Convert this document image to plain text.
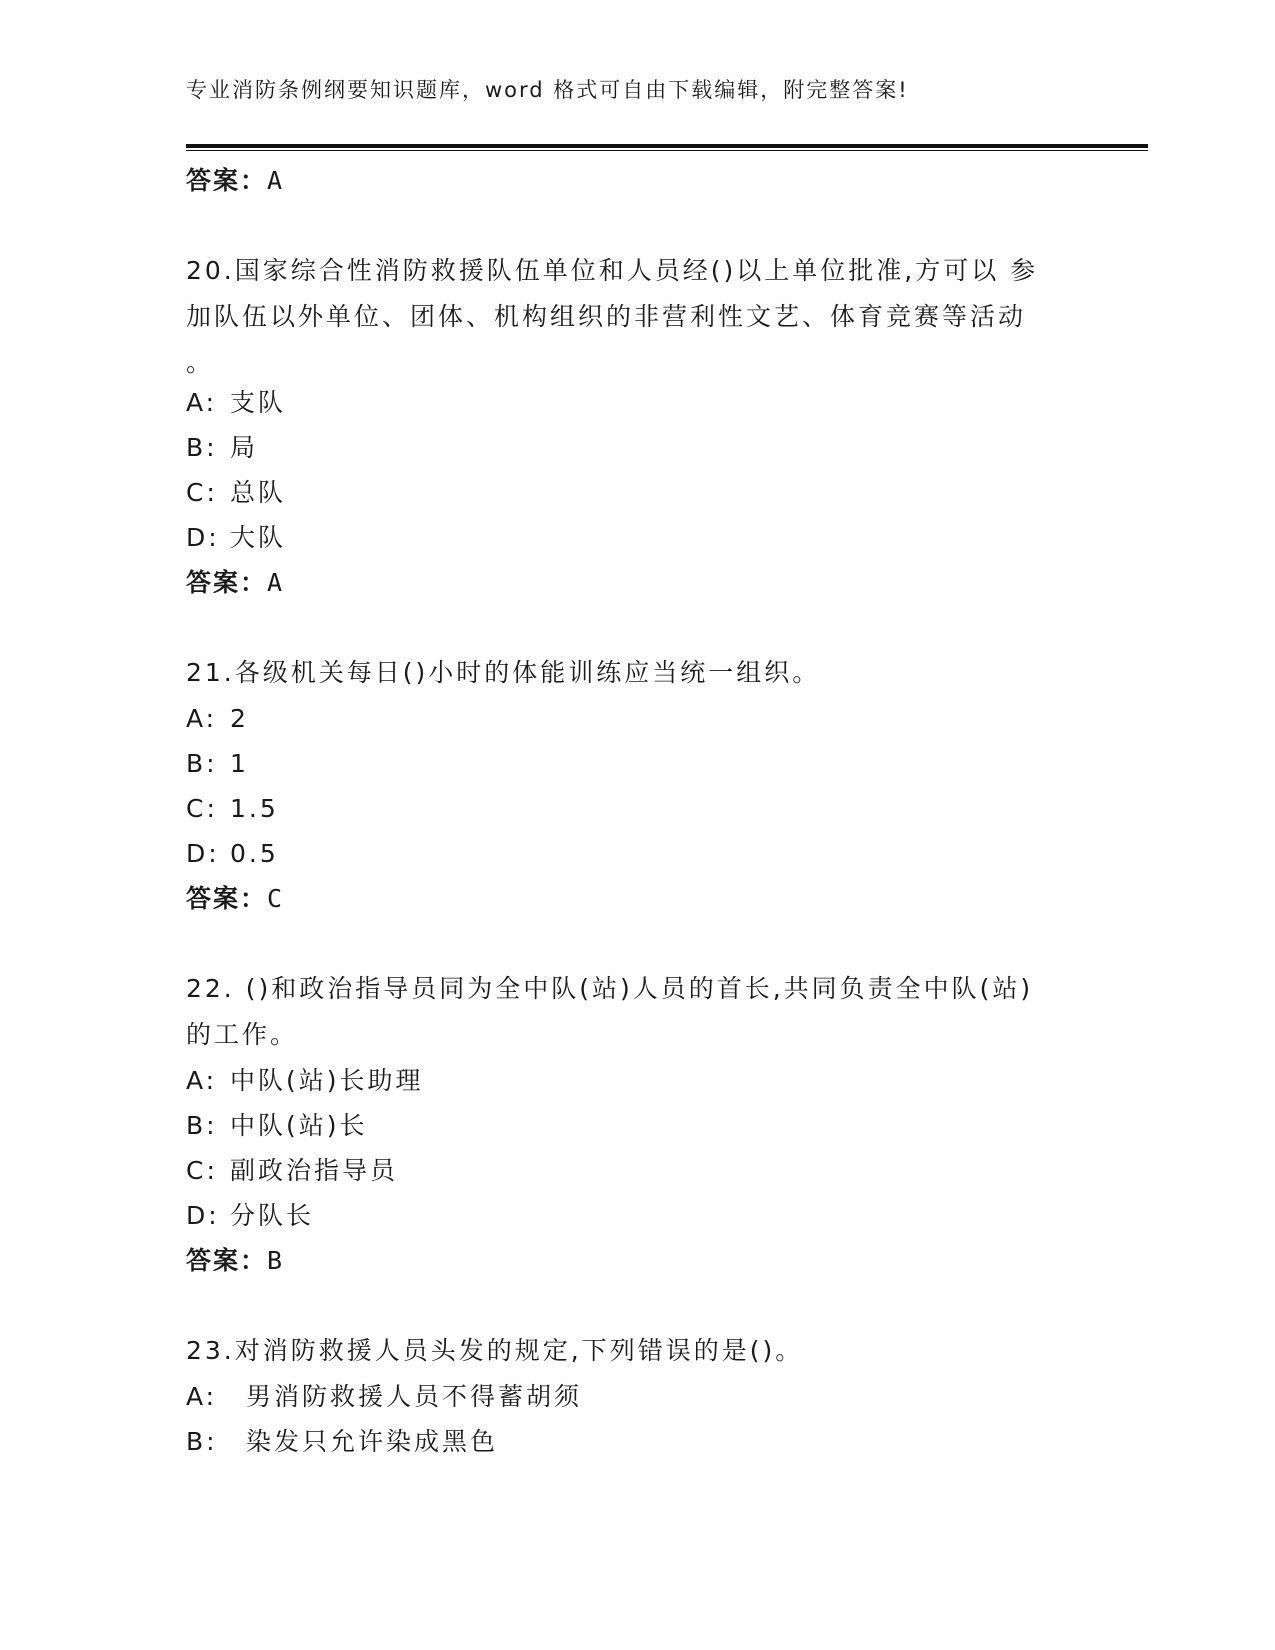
专业消防条例纲要知识题库，word 格式可自由下载编辑，附完整答案!
答案：A
20.国家综合性消防救援队伍单位和人员经()以上单位批准,方可以 参
加队伍以外单位、团体、机构组织的非营利性文艺、体育竞赛等活动
。
A: 支队
B: 局
C: 总队
D: 大队
答案：A
21.各级机关每日()小时的体能训练应当统一组织。
A: 2
B: 1
C: 1.5
D: 0.5
答案：C
22. ()和政治指导员同为全中队(站)人员的首长,共同负责全中队(站)
的工作。
A: 中队(站)长助理
B: 中队(站)长
C: 副政治指导员
D: 分队长
答案：B
23.对消防救援人员头发的规定,下列错误的是()。
A: 男消防救援人员不得蓄胡须
B: 染发只允许染成黑色
